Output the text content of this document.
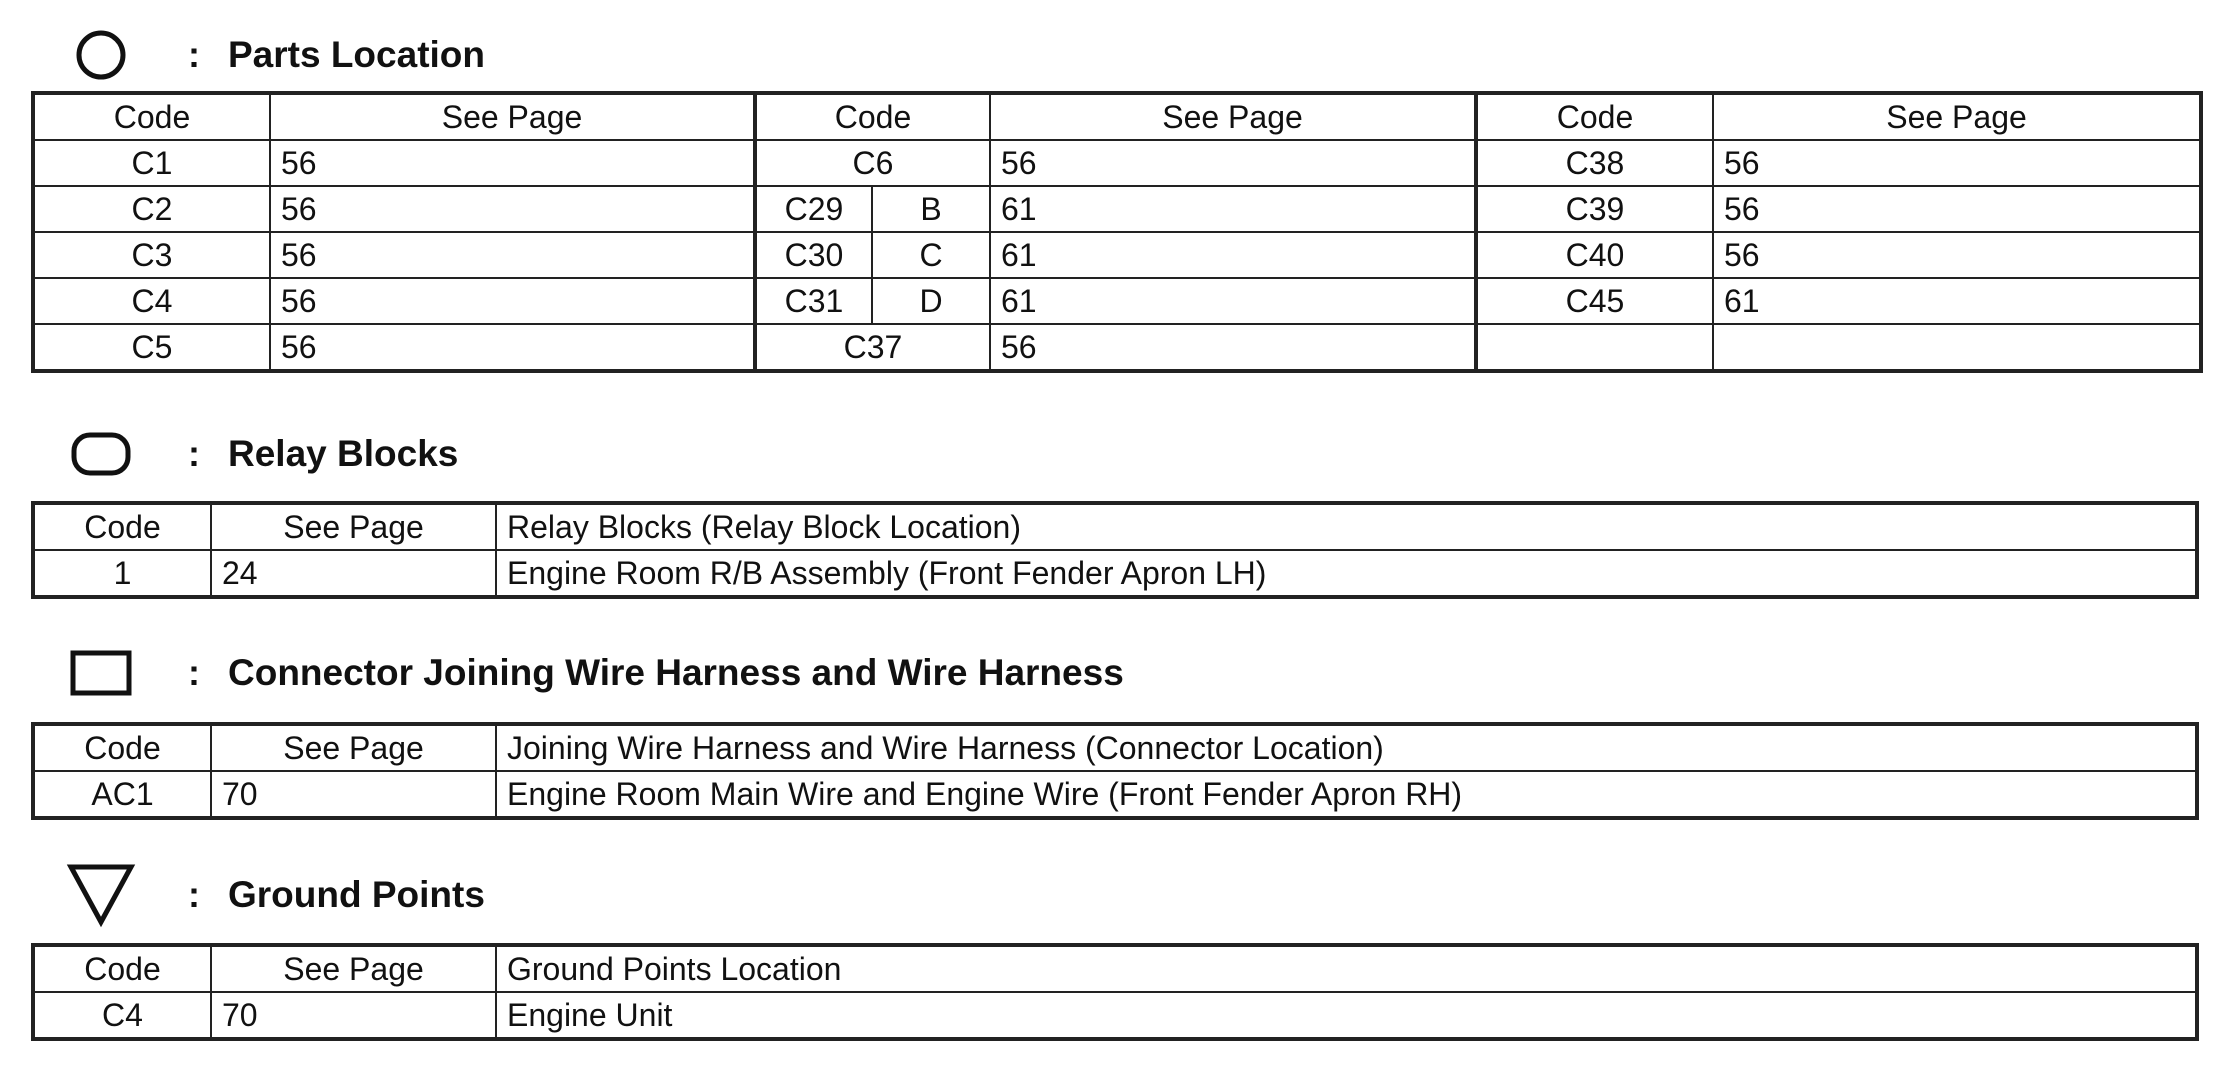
: Parts Location
Code	See Page	Code		See Page	Code	See Page
C1	56	C6		56	C38	56
C2	56	C29	B	61	C39	56
C3	56	C30	C	61	C40	56
C4	56	C31	D	61	C45	61
C5	56	C37		56		
: Relay Blocks
Code	See Page	Relay Blocks (Relay Block Location)
1	24	Engine Room R/B Assembly (Front Fender Apron LH)
: Connector Joining Wire Harness and Wire Harness
Code	See Page	Joining Wire Harness and Wire Harness (Connector Location)
AC1	70	Engine Room Main Wire and Engine Wire (Front Fender Apron RH)
: Ground Points
Code	See Page	Ground Points Location
C4	70	Engine Unit
